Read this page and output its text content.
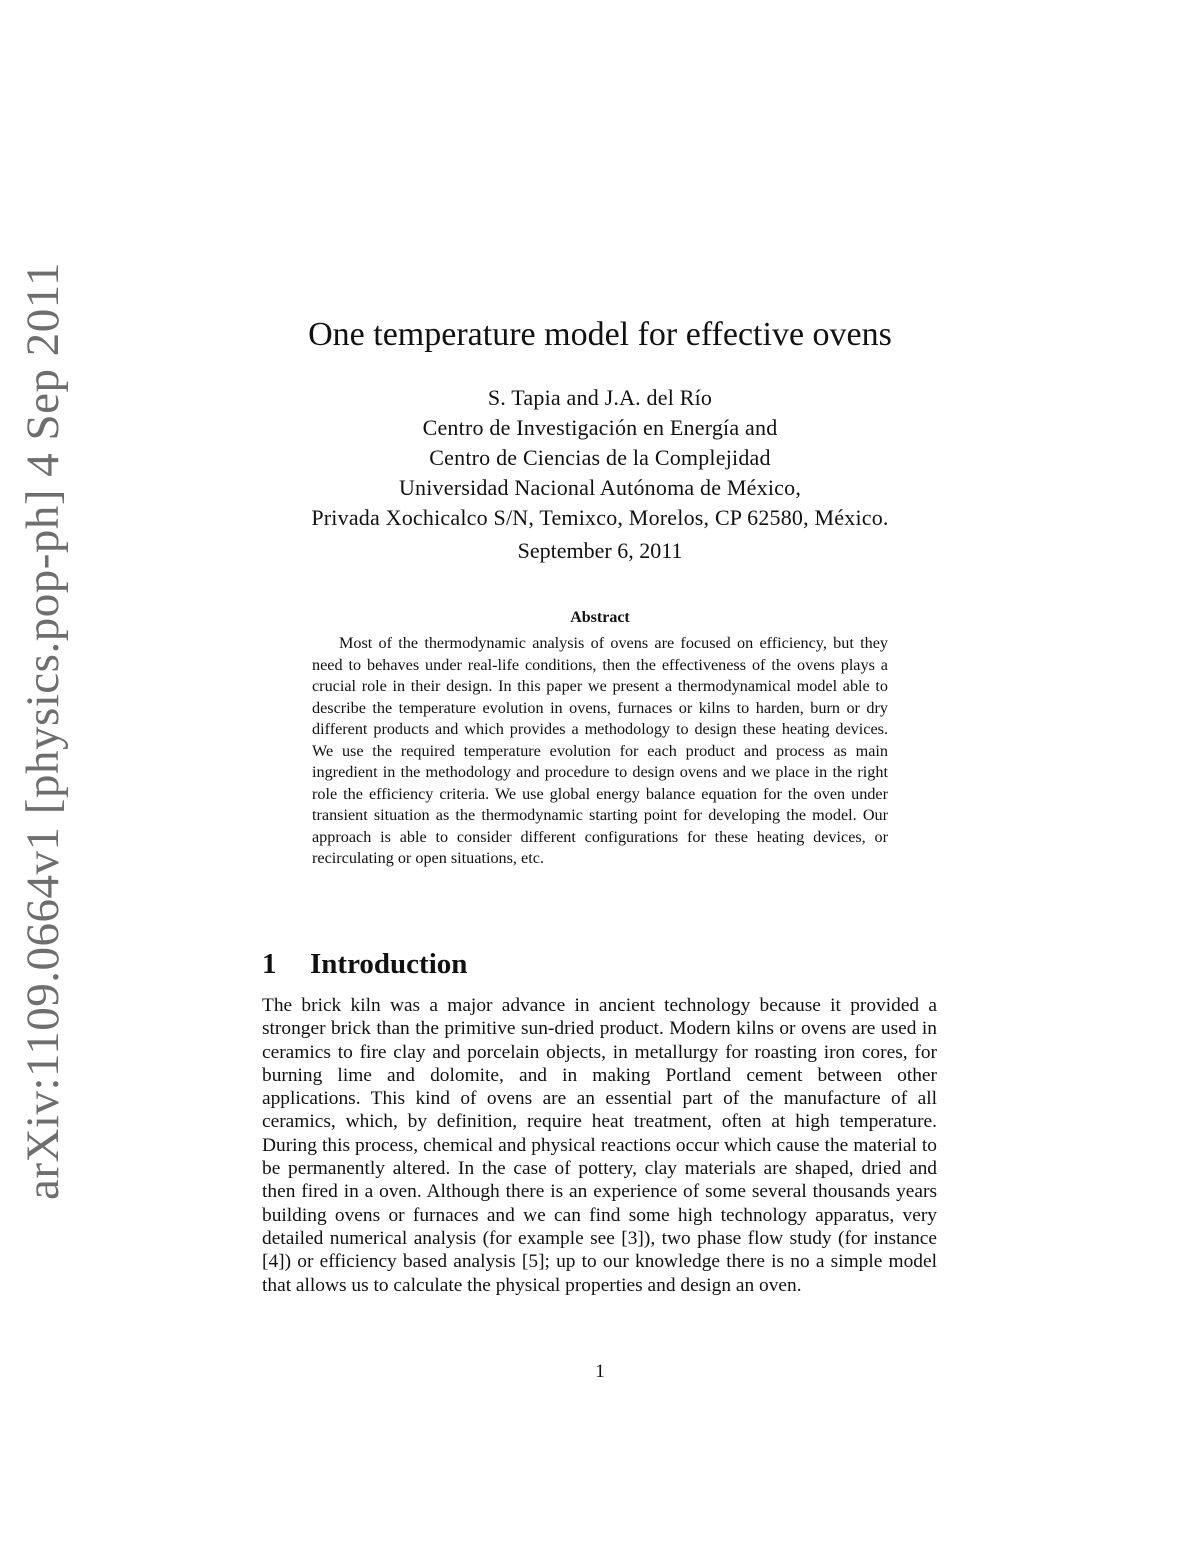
arXiv:1109.0664v1 [physics.pop-ph] 4 Sep 2011	One temperature model for effective ovens
S. Tapia and J.A. del Río
Centro de Investigación en Energía and
Centro de Ciencias de la Complejidad
Universidad Nacional Autónoma de México,
Privada Xochicalco S/N, Temixco, Morelos, CP 62580, México.
September 6, 2011
Abstract

Most of the thermodynamic analysis of ovens are focused on efficiency, but they need to behaves under real-life conditions, then the effectiveness of the ovens plays a crucial role in their design. In this paper we present a thermodynamical model able to describe the temperature evolution in ovens, furnaces or kilns to harden, burn or dry different products and which provides a methodology to design these heating devices. We use the required temperature evolution for each product and process as main ingredient in the methodology and procedure to design ovens and we place in the right role the efficiency criteria. We use global energy balance equation for the oven under transient situation as the thermodynamic starting point for developing the model. Our approach is able to consider different configurations for these heating devices, or recirculating or open situations, etc.

1 Introduction

The brick kiln was a major advance in ancient technology because it provided a stronger brick than the primitive sun-dried product. Modern kilns or ovens are used in ceramics to fire clay and porcelain objects, in metallurgy for roasting iron cores, for burning lime and dolomite, and in making Portland cement between other applications. This kind of ovens are an essential part of the manufacture of all ceramics, which, by definition, require heat treatment, often at high temperature. During this process, chemical and physical reactions occur which cause the material to be permanently altered. In the case of pottery, clay materials are shaped, dried and then fired in a oven. Although there is an experience of some several thousands years building ovens or furnaces and we can find some high technology apparatus, very detailed numerical analysis (for example see [3]), two phase flow study (for instance [4]) or efficiency based analysis [5]; up to our knowledge there is no a simple model that allows us to calculate the physical properties and design an oven.

1
